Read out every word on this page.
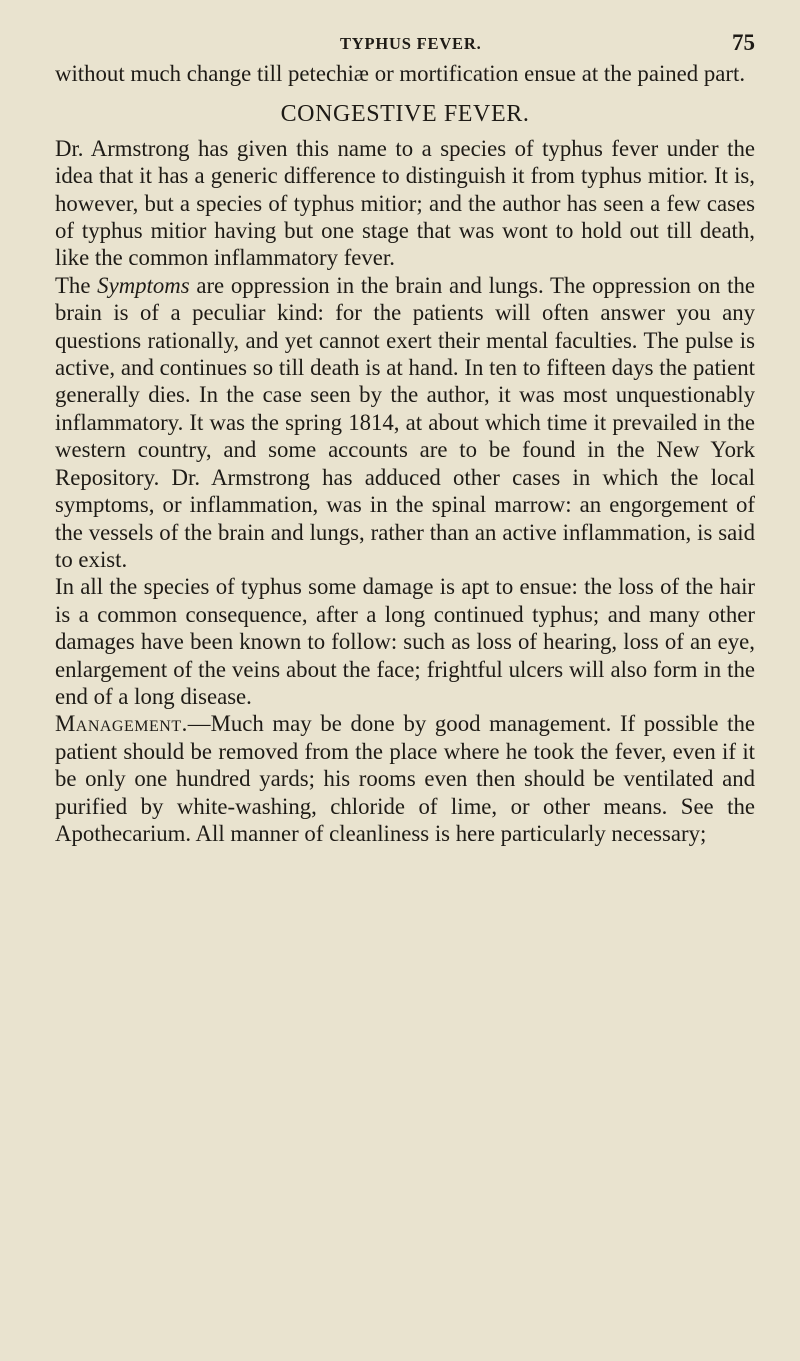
TYPHUS FEVER.	75

without much change till petechiæ or mortification ensue at the pained part.

CONGESTIVE FEVER.

Dr. Armstrong has given this name to a species of typhus fever under the idea that it has a generic difference to distinguish it from typhus mitior. It is, however, but a species of typhus mitior; and the author has seen a few cases of typhus mitior having but one stage that was wont to hold out till death, like the common inflammatory fever.

The Symptoms are oppression in the brain and lungs. The oppression on the brain is of a peculiar kind: for the patients will often answer you any questions rationally, and yet cannot exert their mental faculties. The pulse is active, and continues so till death is at hand. In ten to fifteen days the patient generally dies. In the case seen by the author, it was most unquestionably inflammatory. It was the spring 1814, at about which time it prevailed in the western country, and some accounts are to be found in the New York Repository. Dr. Armstrong has adduced other cases in which the local symptoms, or inflammation, was in the spinal marrow: an engorgement of the vessels of the brain and lungs, rather than an active inflammation, is said to exist.

In all the species of typhus some damage is apt to ensue: the loss of the hair is a common consequence, after a long continued typhus; and many other damages have been known to follow: such as loss of hearing, loss of an eye, enlargement of the veins about the face; frightful ulcers will also form in the end of a long disease.

Management.—Much may be done by good management. If possible the patient should be removed from the place where he took the fever, even if it be only one hundred yards; his rooms even then should be ventilated and purified by white-washing, chloride of lime, or other means. See the Apothecarium. All manner of cleanliness is here particularly necessary;
